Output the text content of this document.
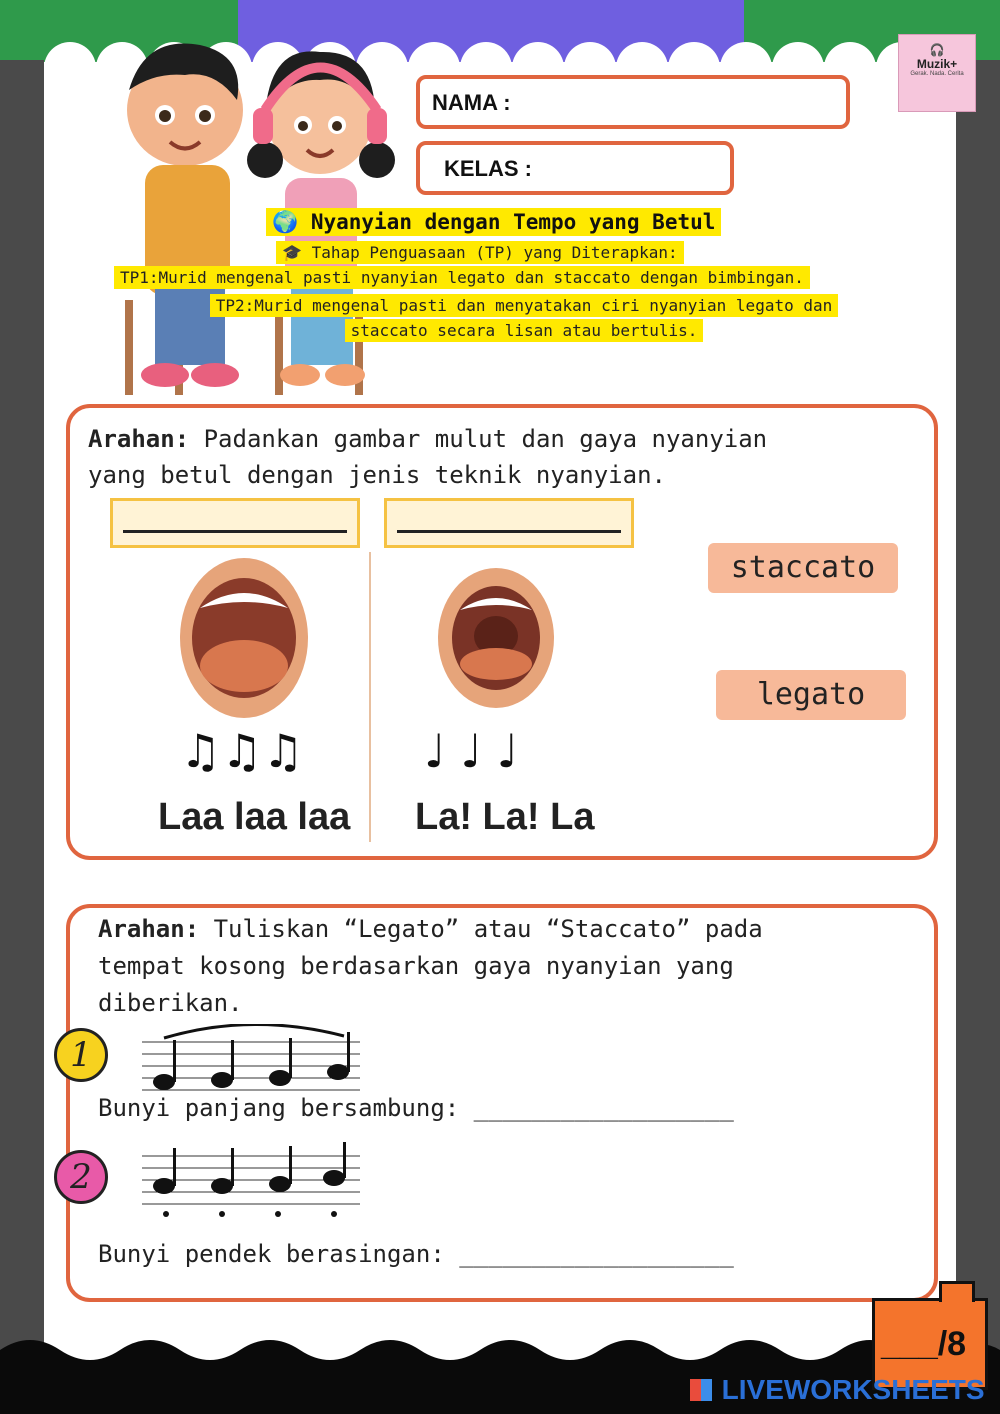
🎧
Muzik+
Gerak. Nada. Cerita
NAMA :
KELAS :
🌍 Nyanyian dengan Tempo yang Betul
🎓 Tahap Penguasaan (TP) yang Diterapkan:
TP1:Murid mengenal pasti nyanyian legato dan staccato dengan bimbingan.
TP2:Murid mengenal pasti dan menyatakan ciri nyanyian legato dan
staccato secara lisan atau bertulis.
Arahan: Padankan gambar mulut dan gaya nyanyian
yang betul dengan jenis teknik nyanyian.
♫♫♫
Laa laa laa
♩ ♩ ♩
La! La! La
staccato
legato
Arahan: Tuliskan “Legato” atau “Staccato” pada
tempat kosong berdasarkan gaya nyanyian yang
diberikan.
1
Bunyi panjang bersambung: __________________
2
Bunyi pendek berasingan: ___________________
___/8
LIVEWORKSHEETS
